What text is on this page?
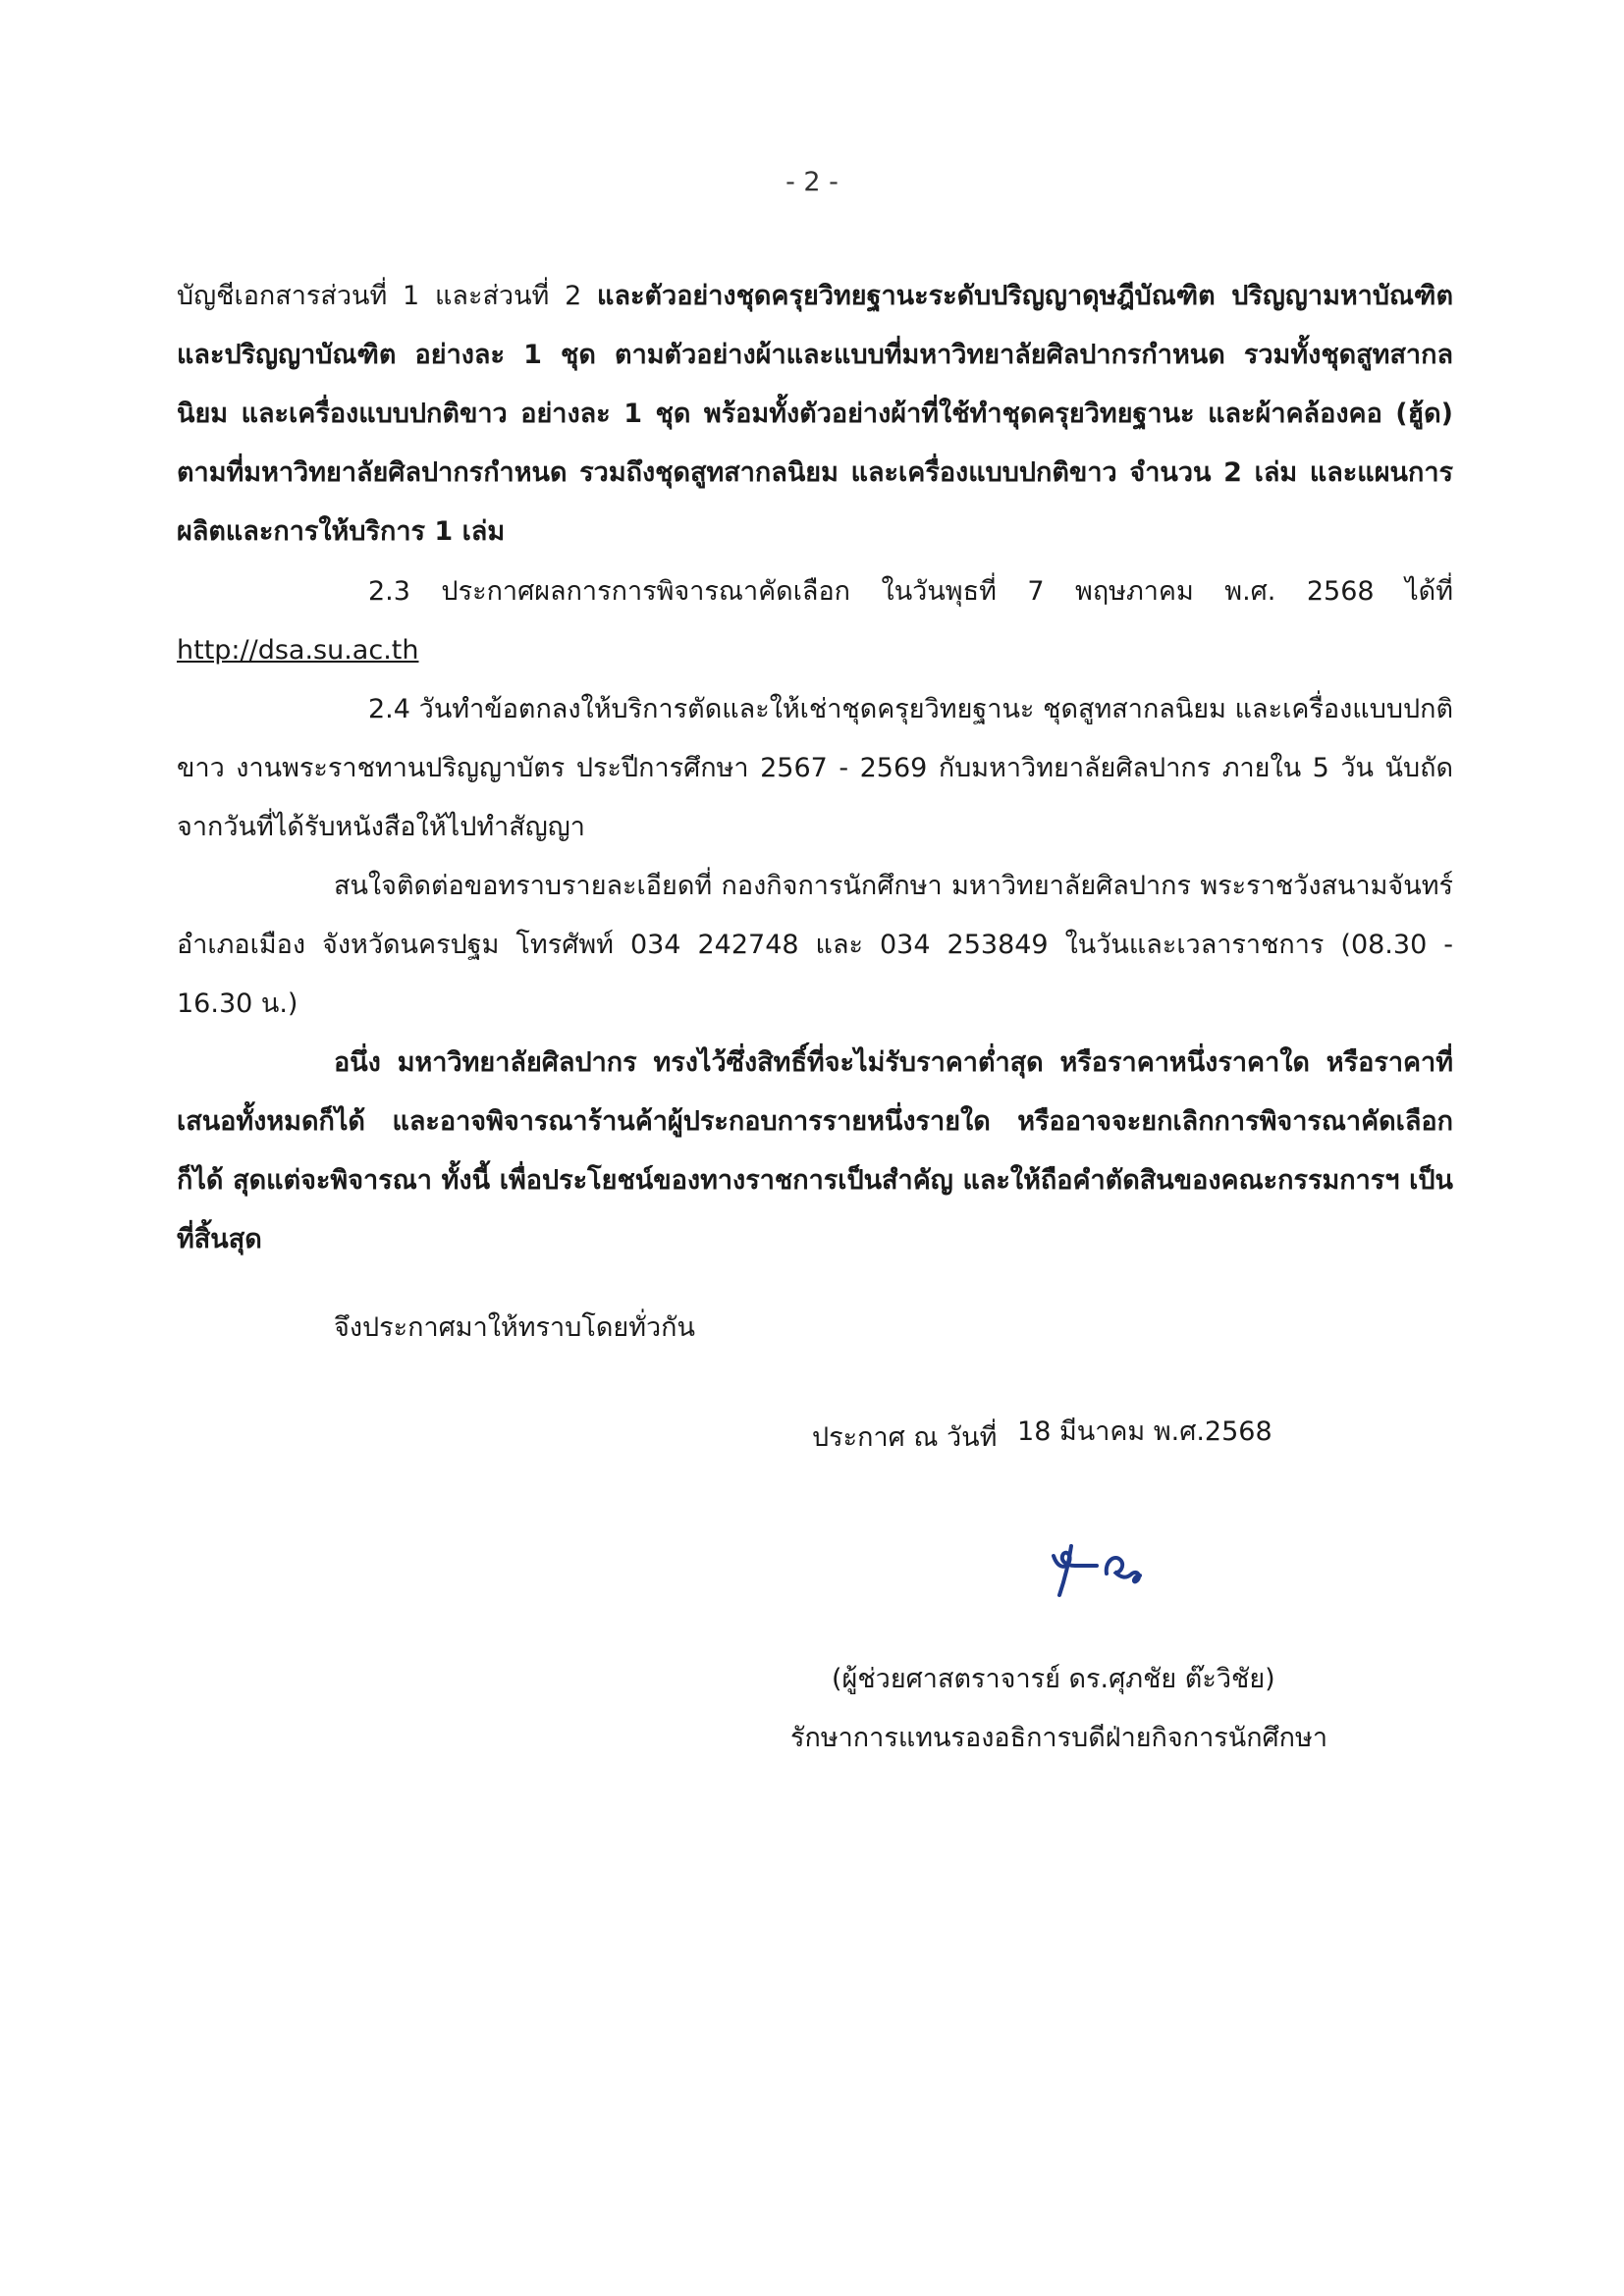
- 2 -

บัญชีเอกสารส่วนที่ 1 และส่วนที่ 2 และตัวอย่างชุดครุยวิทยฐานะระดับปริญญาดุษฎีบัณฑิต ปริญญามหาบัณฑิต และปริญญาบัณฑิต อย่างละ 1 ชุด ตามตัวอย่างผ้าและแบบที่มหาวิทยาลัยศิลปากรกำหนด รวมทั้งชุดสูทสากลนิยม และเครื่องแบบปกติขาว อย่างละ 1 ชุด พร้อมทั้งตัวอย่างผ้าที่ใช้ทำชุดครุยวิทยฐานะ และผ้าคล้องคอ (ฮู้ด) ตามที่มหาวิทยาลัยศิลปากรกำหนด รวมถึงชุดสูทสากลนิยม และเครื่องแบบปกติขาว จำนวน 2 เล่ม และแผนการผลิตและการให้บริการ 1 เล่ม

2.3 ประกาศผลการการพิจารณาคัดเลือก ในวันพุธที่ 7 พฤษภาคม พ.ศ. 2568 ได้ที่ http://dsa.su.ac.th

2.4 วันทำข้อตกลงให้บริการตัดและให้เช่าชุดครุยวิทยฐานะ ชุดสูทสากลนิยม และเครื่องแบบปกติขาว งานพระราชทานปริญญาบัตร ประปีการศึกษา 2567 - 2569 กับมหาวิทยาลัยศิลปากร ภายใน 5 วัน นับถัดจากวันที่ได้รับหนังสือให้ไปทำสัญญา

สนใจติดต่อขอทราบรายละเอียดที่ กองกิจการนักศึกษา มหาวิทยาลัยศิลปากร พระราชวังสนามจันทร์ อำเภอเมือง จังหวัดนครปฐม โทรศัพท์ 034 242748 และ 034 253849 ในวันและเวลาราชการ (08.30 - 16.30 น.)

อนึ่ง มหาวิทยาลัยศิลปากร ทรงไว้ซึ่งสิทธิ์ที่จะไม่รับราคาต่ำสุด หรือราคาหนึ่งราคาใด หรือราคาที่เสนอทั้งหมดก็ได้ และอาจพิจารณาร้านค้าผู้ประกอบการรายหนึ่งรายใด หรืออาจจะยกเลิกการพิจารณาคัดเลือกก็ได้ สุดแต่จะพิจารณา ทั้งนี้ เพื่อประโยชน์ของทางราชการเป็นสำคัญ และให้ถือคำตัดสินของคณะกรรมการฯ เป็นที่สิ้นสุด

จึงประกาศมาให้ทราบโดยทั่วกัน

ประกาศ ณ วันที่ 18 มีนาคม พ.ศ.2568
(ผู้ช่วยศาสตราจารย์ ดร.ศุภชัย ต๊ะวิชัย)
รักษาการแทนรองอธิการบดีฝ่ายกิจการนักศึกษา
